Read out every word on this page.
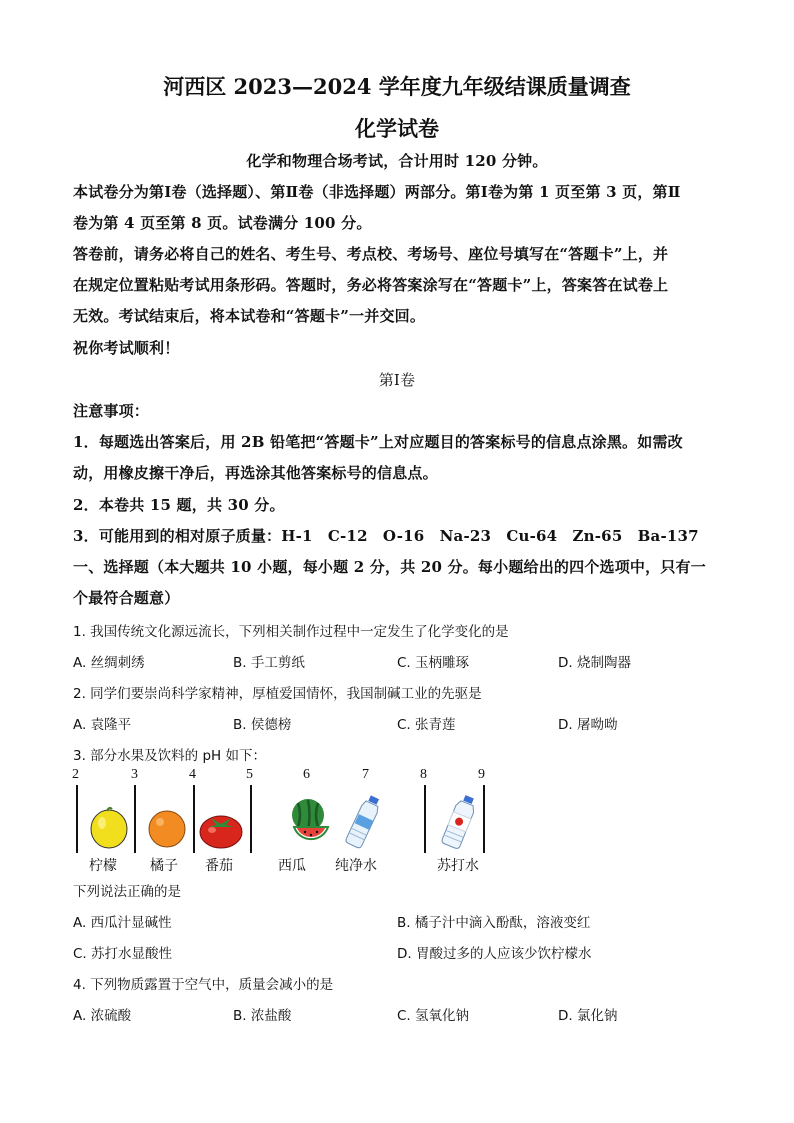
河西区 2023—2024 学年度九年级结课质量调查
化学试卷
化学和物理合场考试，合计用时 120 分钟。
本试卷分为第Ⅰ卷（选择题）、第Ⅱ卷（非选择题）两部分。第Ⅰ卷为第 1 页至第 3 页，第Ⅱ
卷为第 4 页至第 8 页。试卷满分 100 分。
答卷前，请务必将自己的姓名、考生号、考点校、考场号、座位号填写在“答题卡”上，并
在规定位置粘贴考试用条形码。答题时，务必将答案涂写在“答题卡”上，答案答在试卷上
无效。考试结束后，将本试卷和“答题卡”一并交回。
祝你考试顺利！
第Ⅰ卷
注意事项：
1．每题选出答案后，用 2B 铅笔把“答题卡”上对应题目的答案标号的信息点涂黑。如需改
动，用橡皮擦干净后，再选涂其他答案标号的信息点。
2．本卷共 15 题，共 30 分。
3．可能用到的相对原子质量：H-1　C-12　O-16　Na-23　Cu-64　Zn-65　Ba-137
一、选择题（本大题共 10 小题，每小题 2 分，共 20 分。每小题给出的四个选项中，只有一
个最符合题意）
1. 我国传统文化源远流长，下列相关制作过程中一定发生了化学变化的是
A. 丝绸刺绣	B. 手工剪纸	C. 玉柄雕琢	D. 烧制陶器
2. 同学们要崇尚科学家精神，厚植爱国情怀，我国制碱工业的先驱是
A. 袁隆平	B. 侯德榜	C. 张青莲	D. 屠呦呦
3. 部分水果及饮料的 pH 如下：
2	3	4	5	6	7	8	9
柠檬 橘子 番茄	西瓜 纯净水	苏打水
下列说法正确的是
A. 西瓜汁显碱性	B. 橘子汁中滴入酚酞，溶液变红
C. 苏打水显酸性	D. 胃酸过多的人应该少饮柠檬水
4. 下列物质露置于空气中，质量会减小的是
A. 浓硫酸	B. 浓盐酸	C. 氢氧化钠	D. 氯化钠
